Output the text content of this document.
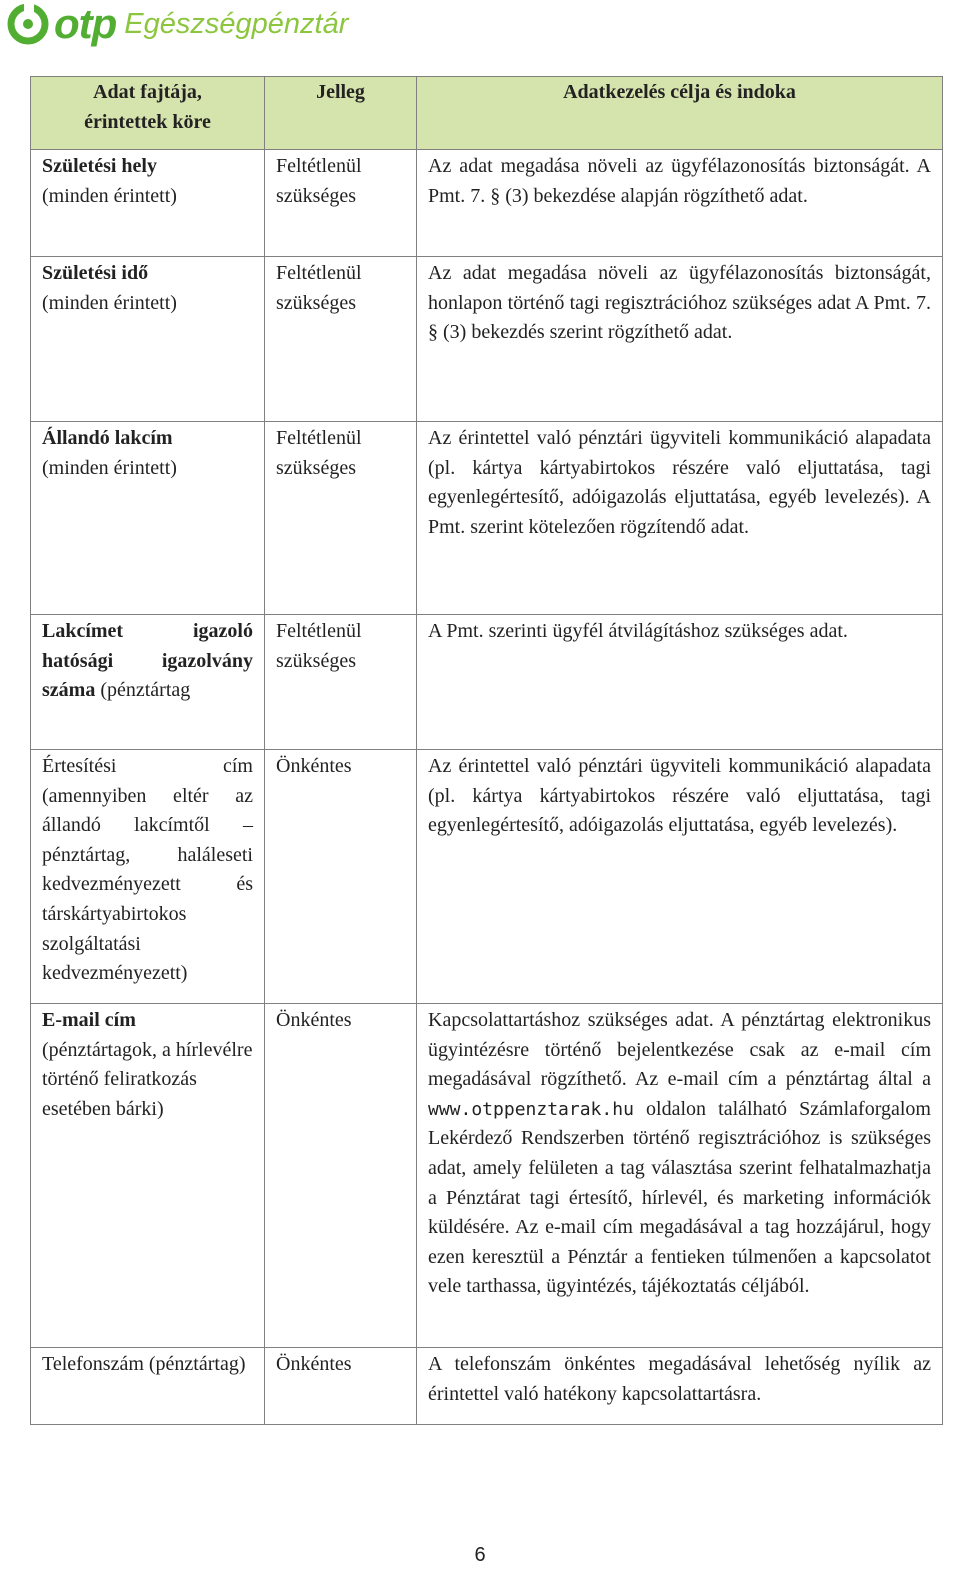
otp Egészségpénztár
Adat fajtája,
érintettek köre	Jelleg	Adatkezelés célja és indoka
Születési hely
(minden érintett)	Feltétlenül szükséges	Az adat megadása növeli az ügyfélazonosítás biztonságát. A Pmt. 7. § (3) bekezdése alapján rögzíthető adat.
Születési idő
(minden érintett)	Feltétlenül szükséges	Az adat megadása növeli az ügyfélazonosítás biztonságát, honlapon történő tagi regisztrációhoz szükséges adat A Pmt. 7. § (3) bekezdés szerint rögzíthető adat.
Állandó lakcím
(minden érintett)	Feltétlenül szükséges	Az érintettel való pénztári ügyviteli kommunikáció alapadata (pl. kártya kártyabirtokos részére való eljuttatása, tagi egyenlegértesítő, adóigazolás eljuttatása, egyéb levelezés). A Pmt. szerint kötelezően rögzítendő adat.
Lakcímet igazoló hatósági igazolvány száma (pénztártag	Feltétlenül szükséges	A Pmt. szerinti ügyfél átvilágításhoz szükséges adat.
Értesítési cím (amennyiben eltér az állandó lakcímtől – pénztártag, haláleseti kedvezményezett és társkártyabirtokos szolgáltatási kedvezményezett)	Önkéntes	Az érintettel való pénztári ügyviteli kommunikáció alapadata (pl. kártya kártyabirtokos részére való eljuttatása, tagi egyenlegértesítő, adóigazolás eljuttatása, egyéb levelezés).
E-mail cím
(pénztártagok, a hírlevélre történő feliratkozás esetében bárki)	Önkéntes	Kapcsolattartáshoz szükséges adat. A pénztártag elektronikus ügyintézésre történő bejelentkezése csak az e-mail cím megadásával rögzíthető. Az e-mail cím a pénztártag által a www.otppenztarak.hu oldalon található Számlaforgalom Lekérdező Rendszerben történő regisztrációhoz is szükséges adat, amely felületen a tag választása szerint felhatalmazhatja a Pénztárat tagi értesítő, hírlevél, és marketing információk küldésére. Az e-mail cím megadásával a tag hozzájárul, hogy ezen keresztül a Pénztár a fentieken túlmenően a kapcsolatot vele tarthassa, ügyintézés, tájékoztatás céljából.
Telefonszám (pénztártag)	Önkéntes	A telefonszám önkéntes megadásával lehetőség nyílik az érintettel való hatékony kapcsolattartásra.
6
